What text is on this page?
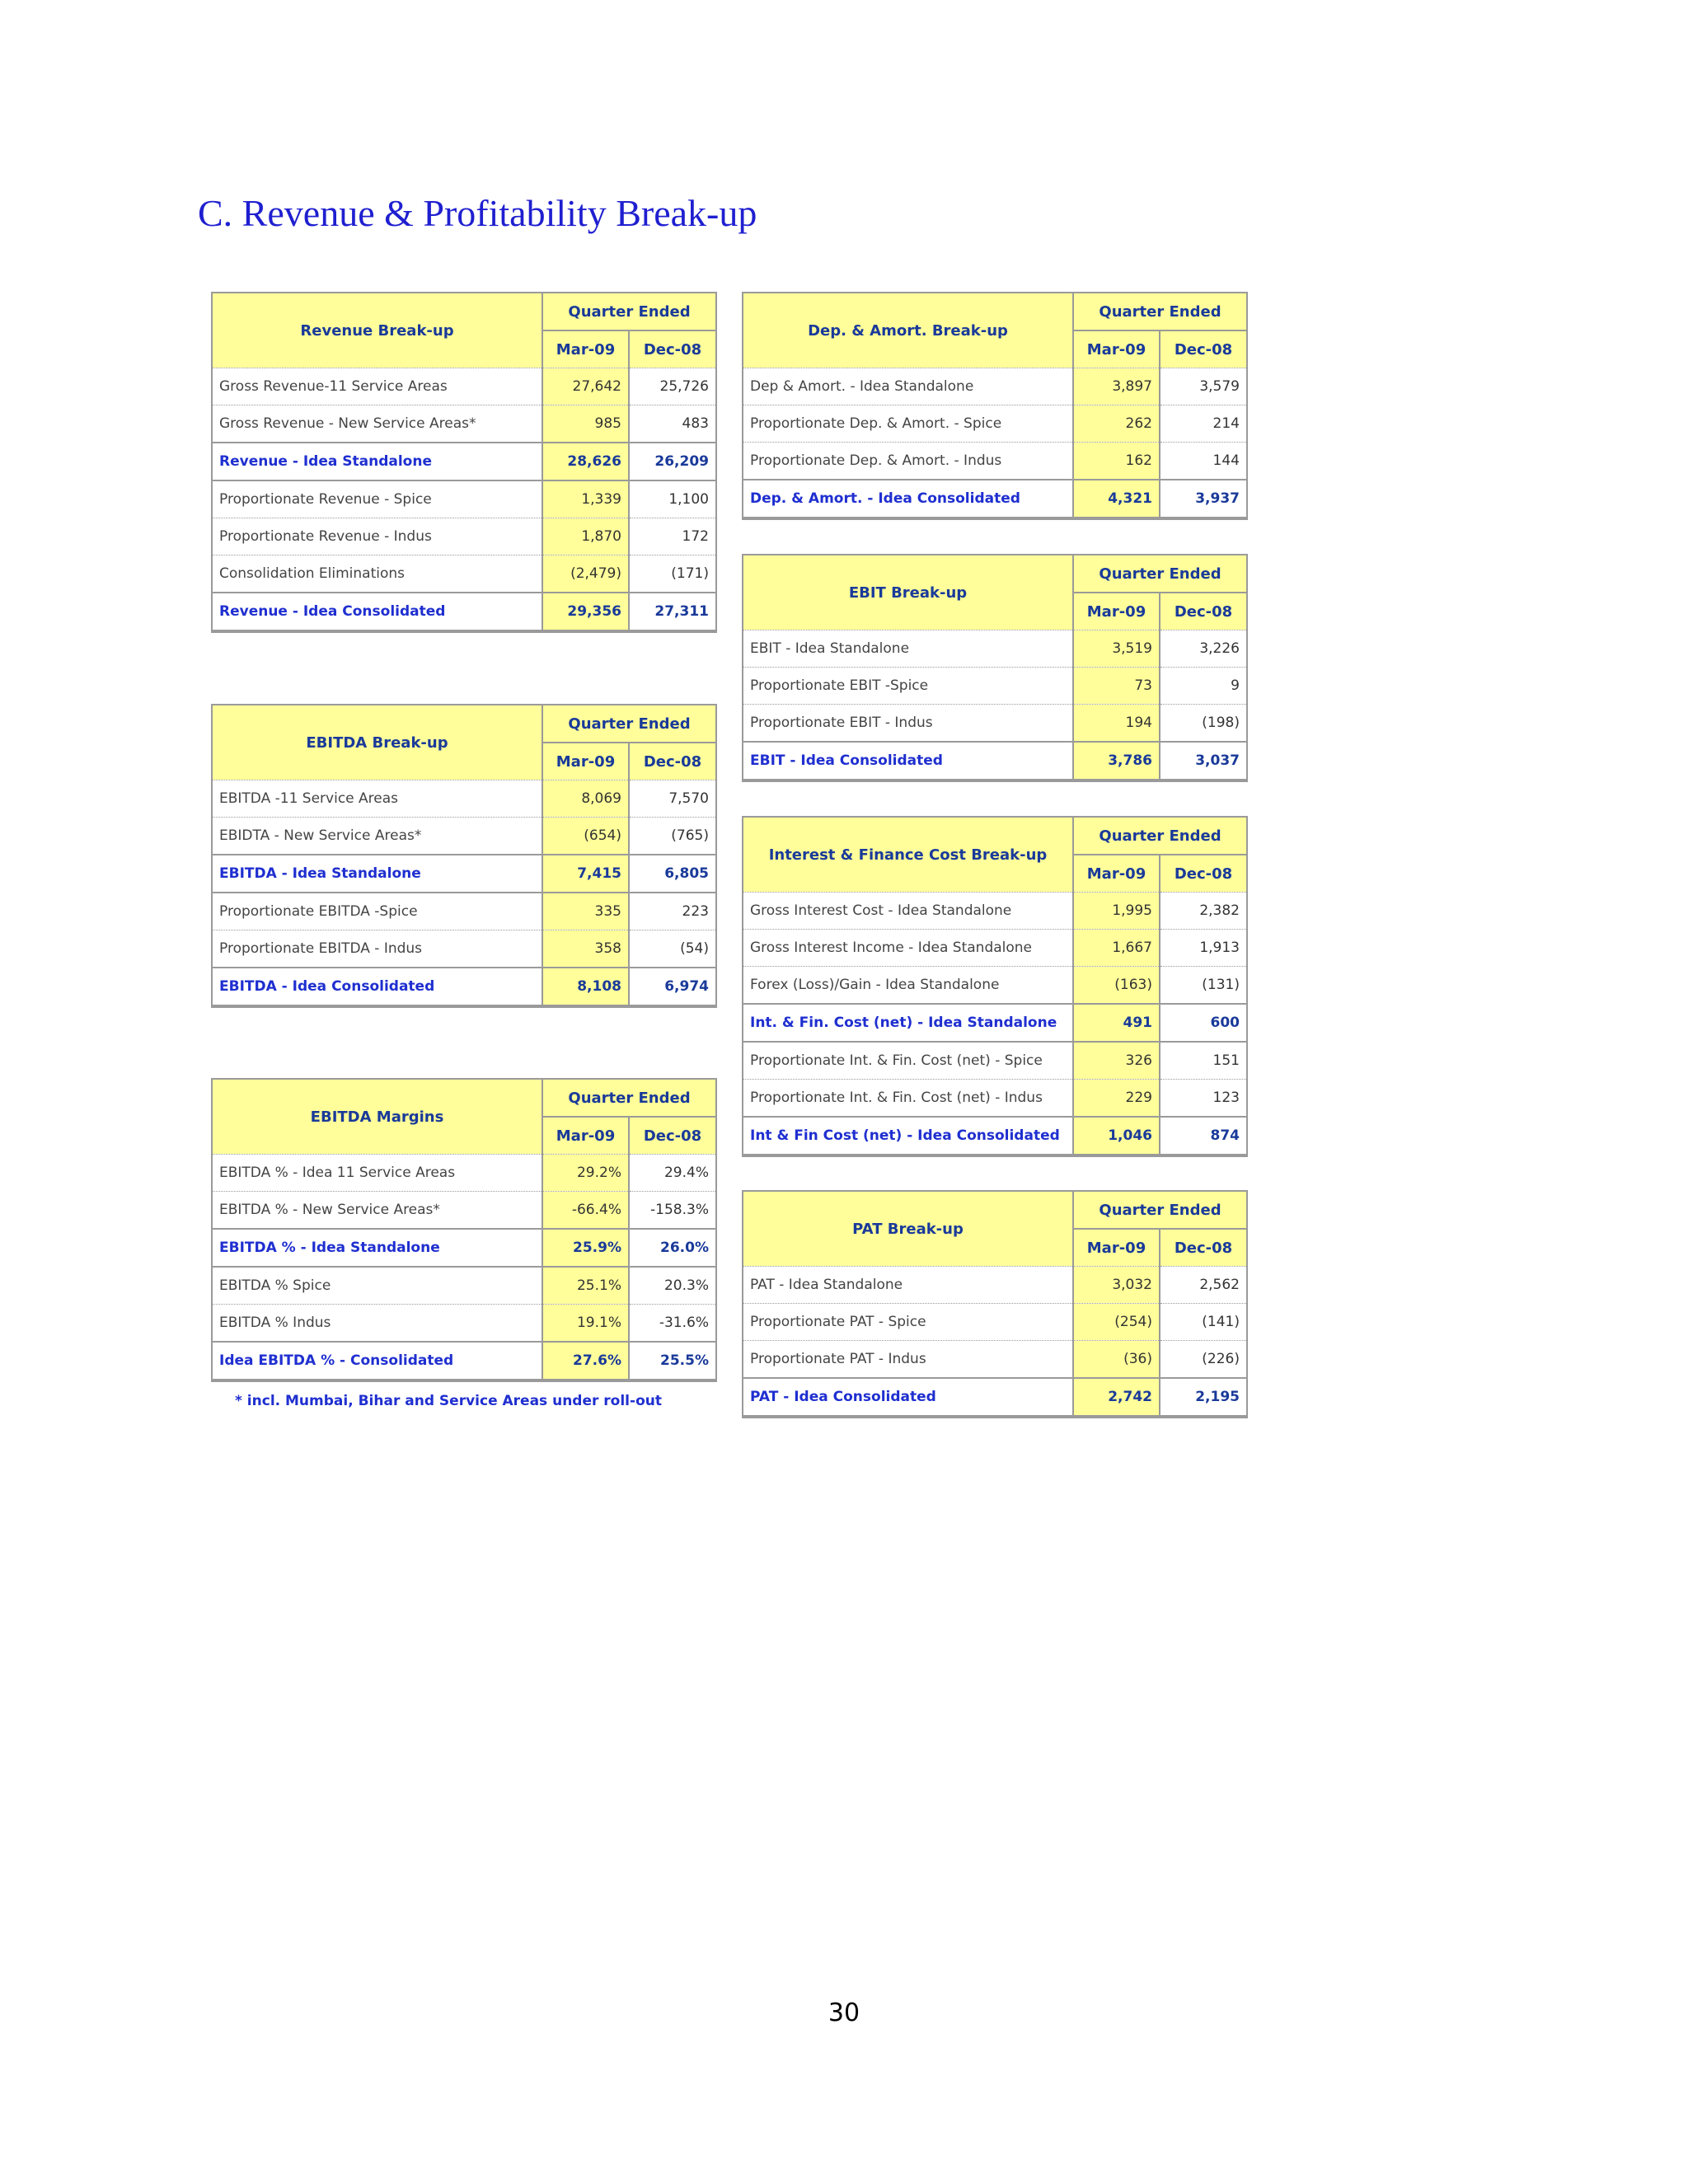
C. Revenue & Profitability Break-up
Revenue Break-up	Quarter Ended	
	Mar-09	Dec-08
Gross Revenue-11 Service Areas	27,642	25,726
Gross Revenue - New Service Areas*	985	483
Revenue - Idea Standalone	28,626	26,209
Proportionate Revenue - Spice	1,339	1,100
Proportionate Revenue - Indus	1,870	172
Consolidation Eliminations	(2,479)	(171)
Revenue - Idea Consolidated	29,356	27,311
EBITDA Break-up	Quarter Ended	
	Mar-09	Dec-08
EBITDA -11 Service Areas	8,069	7,570
EBIDTA - New Service Areas*	(654)	(765)
EBITDA - Idea Standalone	7,415	6,805
Proportionate EBITDA -Spice	335	223
Proportionate EBITDA - Indus	358	(54)
EBITDA - Idea Consolidated	8,108	6,974
EBITDA Margins	Quarter Ended	
	Mar-09	Dec-08
EBITDA % - Idea 11 Service Areas	29.2%	29.4%
EBITDA % - New Service Areas*	-66.4%	-158.3%
EBITDA % - Idea Standalone	25.9%	26.0%
EBITDA % Spice	25.1%	20.3%
EBITDA % Indus	19.1%	-31.6%
Idea EBITDA % - Consolidated	27.6%	25.5%
Dep. & Amort. Break-up	Quarter Ended	
	Mar-09	Dec-08
Dep & Amort. - Idea Standalone	3,897	3,579
Proportionate Dep. & Amort. - Spice	262	214
Proportionate Dep. & Amort. - Indus	162	144
Dep. & Amort. - Idea Consolidated	4,321	3,937
EBIT Break-up	Quarter Ended	
	Mar-09	Dec-08
EBIT - Idea Standalone	3,519	3,226
Proportionate EBIT -Spice	73	9
Proportionate EBIT - Indus	194	(198)
EBIT - Idea Consolidated	3,786	3,037
Interest & Finance Cost Break-up	Quarter Ended	
	Mar-09	Dec-08
Gross Interest Cost - Idea Standalone	1,995	2,382
Gross Interest Income - Idea Standalone	1,667	1,913
Forex (Loss)/Gain - Idea Standalone	(163)	(131)
Int. & Fin. Cost (net) - Idea Standalone	491	600
Proportionate Int. & Fin. Cost (net) - Spice	326	151
Proportionate Int. & Fin. Cost (net) - Indus	229	123
Int & Fin Cost (net) - Idea Consolidated	1,046	874
PAT Break-up	Quarter Ended	
	Mar-09	Dec-08
PAT - Idea Standalone	3,032	2,562
Proportionate PAT - Spice	(254)	(141)
Proportionate PAT - Indus	(36)	(226)
PAT - Idea Consolidated	2,742	2,195
* incl. Mumbai, Bihar and Service Areas under roll-out
30
